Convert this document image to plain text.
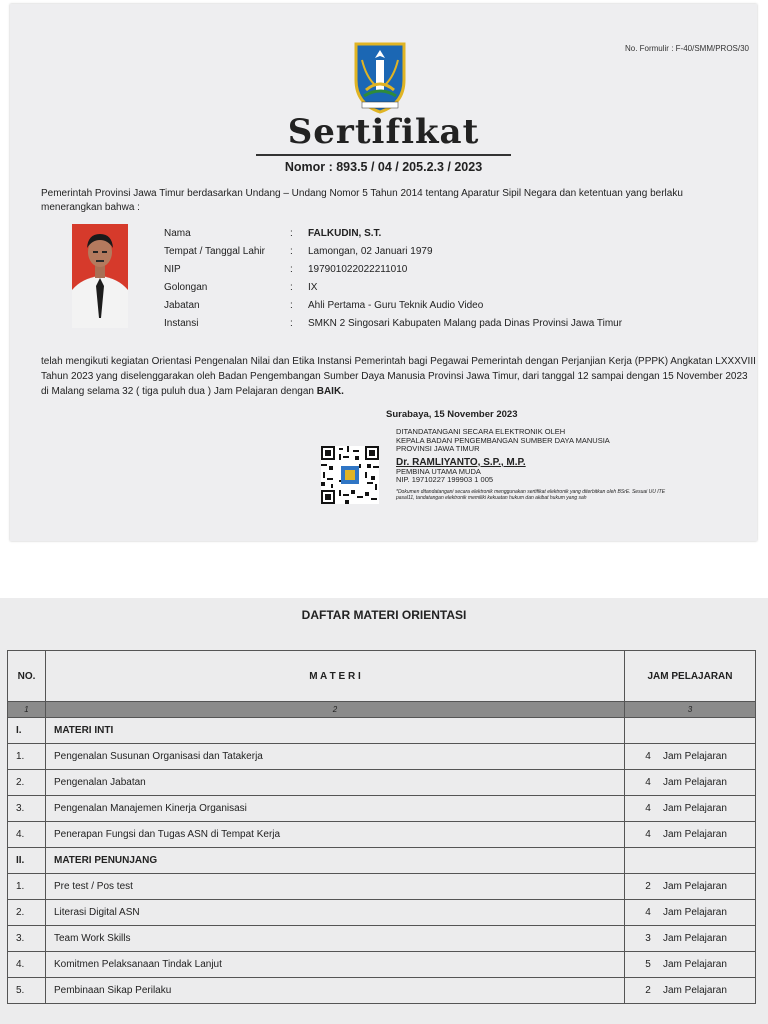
No. Formulir : F-40/SMM/PROS/30
Sertifikat
Nomor : 893.5 / 04 / 205.2.3 / 2023
Pemerintah Provinsi Jawa Timur berdasarkan Undang – Undang Nomor 5 Tahun 2014 tentang Aparatur Sipil Negara dan ketentuan yang berlaku menerangkan bahwa :
Nama	: FALKUDIN, S.T.
Tempat / Tanggal Lahir	: Lamongan, 02 Januari 1979
NIP	: 197901022022211010
Golongan	: IX
Jabatan	: Ahli Pertama - Guru Teknik Audio Video
Instansi	: SMKN 2 Singosari Kabupaten Malang pada Dinas Provinsi Jawa Timur
telah mengikuti kegiatan Orientasi Pengenalan Nilai dan Etika Instansi Pemerintah bagi Pegawai Pemerintah dengan Perjanjian Kerja (PPPK) Angkatan LXXXVIII Tahun 2023 yang diselenggarakan oleh Badan Pengembangan Sumber Daya Manusia Provinsi Jawa Timur, dari tanggal 12 sampai dengan 15 November 2023 di Malang selama 32 ( tiga puluh dua ) Jam Pelajaran dengan BAIK.
Surabaya, 15 November 2023
DITANDATANGANI SECARA ELEKTRONIK OLEH
KEPALA BADAN PENGEMBANGAN SUMBER DAYA MANUSIA
PROVINSI JAWA TIMUR
Dr. RAMLIYANTO, S.P., M.P.
PEMBINA UTAMA MUDA
NIP. 19710227 199903 1 005
*Dokumen ditandatangani secara elektronik menggunakan sertifikat elektronik yang diterbitkan oleh BSrE. Sesuai UU ITE pasal11, tandatangan elektronik memiliki kekuatan hukum dan akibat hukum yang sah
DAFTAR MATERI ORIENTASI
NO.	M A T E R I	JAM PELAJARAN
1	2	3
I.	MATERI INTI	
1.	Pengenalan Susunan Organisasi dan Tatakerja	4 Jam Pelajaran

2.	Pengenalan Jabatan	4 Jam Pelajaran

3.	Pengenalan Manajemen Kinerja Organisasi	4 Jam Pelajaran

4.	Penerapan Fungsi dan Tugas ASN di Tempat Kerja	4 Jam Pelajaran

II.	MATERI PENUNJANG	
1.	Pre test / Pos test	2 Jam Pelajaran

2.	Literasi Digital ASN	4 Jam Pelajaran

3.	Team Work Skills	3 Jam Pelajaran

4.	Komitmen Pelaksanaan Tindak Lanjut	5 Jam Pelajaran

5.	Pembinaan Sikap Perilaku	2 Jam Pelajaran
